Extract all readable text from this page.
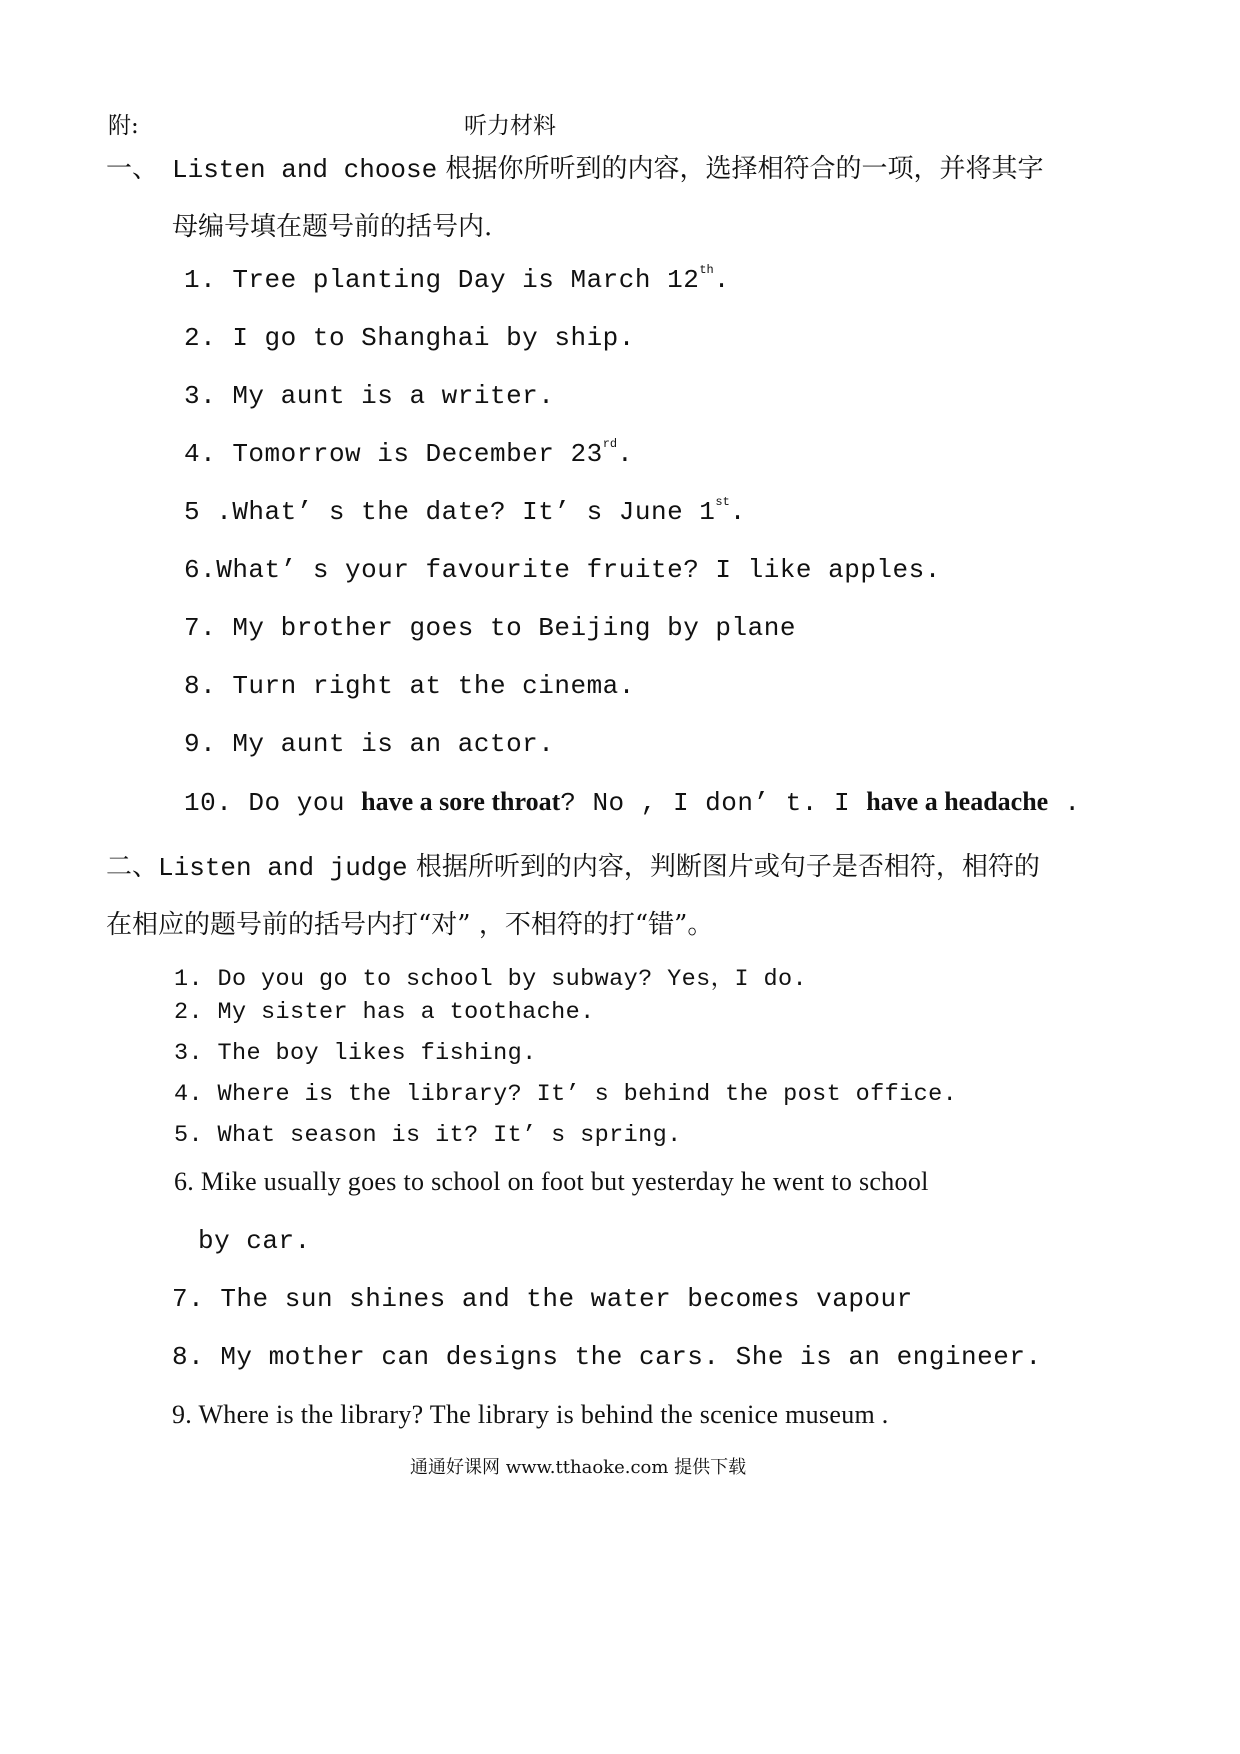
附:	听力材料
一、 Listen and choose 根据你所听到的内容，选择相符合的一项，并将其字
母编号填在题号前的括号内.
1. Tree planting Day is March 12th.
2. I go to Shanghai by ship.
3. My aunt is a writer.
4. Tomorrow is December 23rd.
5 .What’ s the date? It’ s June 1st.
6.What’ s your favourite fruite? I like apples.
7. My brother goes to Beijing by plane
8. Turn right at the cinema.
9. My aunt is an actor.
10. Do you have a sore throat? No , I don’ t. I have a headache .
二、Listen and judge 根据所听到的内容，判断图片或句子是否相符，相符的
在相应的题号前的括号内打“对” ，不相符的打“错”。
1. Do you go to school by subway? Yes，I do.
2. My sister has a toothache.
3. The boy likes fishing.
4. Where is the library? It’ s behind the post office.
5. What season is it? It’ s spring.
6. Mike usually goes to school on foot but yesterday he went to school
by car.
7. The sun shines and the water becomes vapour
8. My mother can designs the cars. She is an engineer.
9. Where is the library? The library is behind the scenice museum .
通通好课网 www.tthaoke.com 提供下载
